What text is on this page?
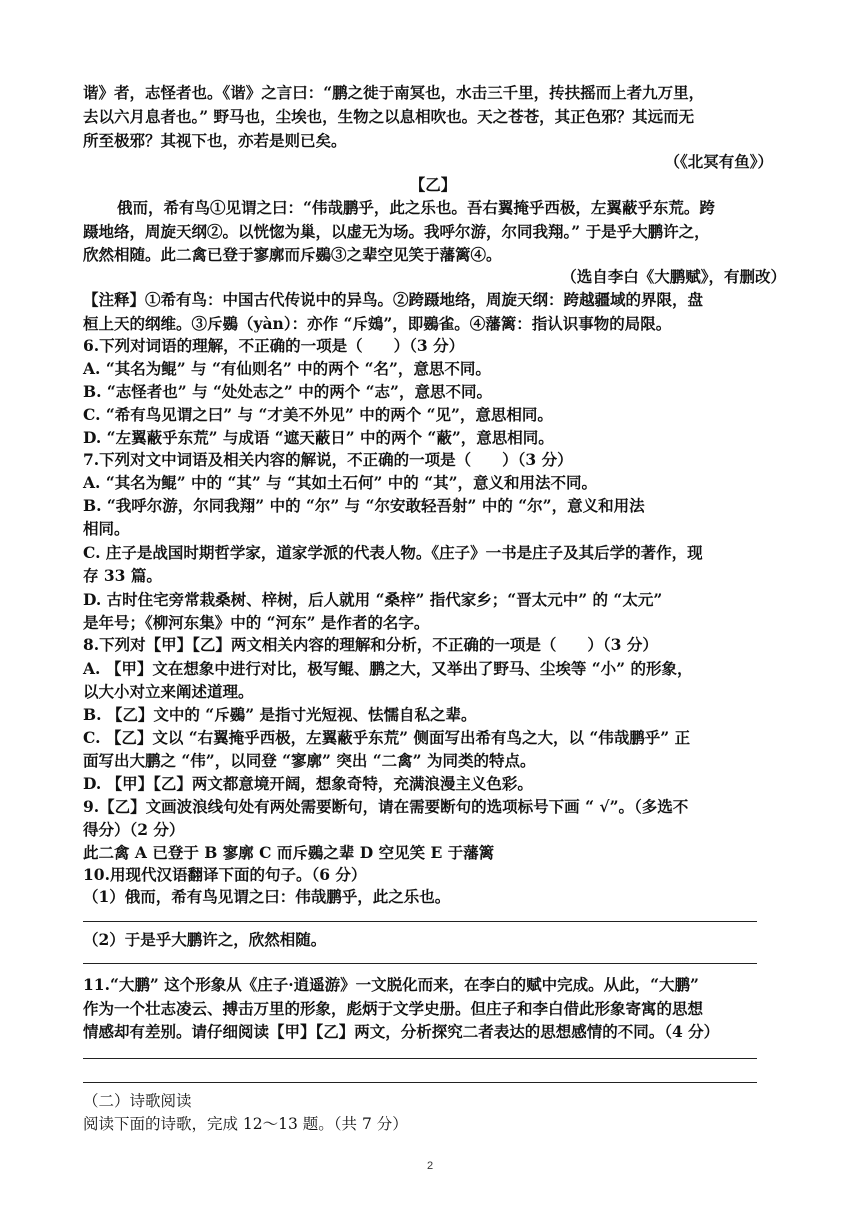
谐》者，志怪者也。《谐》之言曰：“鹏之徙于南冥也，水击三千里，抟扶摇而上者九万里，
去以六月息者也。” 野马也，尘埃也，生物之以息相吹也。天之苍苍，其正色邪？其远而无
所至极邪？其视下也，亦若是则已矣。
（《北冥有鱼》）
【乙】
俄而，希有鸟①见谓之曰：“伟哉鹏乎，此之乐也。吾右翼掩乎西极，左翼蔽乎东荒。跨
蹑地络，周旋天纲②。以恍惚为巢，以虚无为场。我呼尔游，尔同我翔。” 于是乎大鹏许之，
欣然相随。此二禽已登于寥廓而斥鷃③之辈空见笑于藩篱④。
（选自李白《大鹏赋》，有删改）
【注释】①希有鸟：中国古代传说中的异鸟。②跨蹑地络，周旋天纲：跨越疆域的界限，盘
桓上天的纲维。③斥鷃（yàn）：亦作 “斥鴳”，即鷃雀。④藩篱：指认识事物的局限。
6.下列对词语的理解，不正确的一项是（　　）（3 分）
A. “其名为鲲” 与 “有仙则名” 中的两个 “名”，意思不同。
B. “志怪者也” 与 “处处志之” 中的两个 “志”，意思不同。
C. “希有鸟见谓之曰” 与 “才美不外见” 中的两个 “见”，意思相同。
D. “左翼蔽乎东荒” 与成语 “遮天蔽日” 中的两个 “蔽”，意思相同。
7.下列对文中词语及相关内容的解说，不正确的一项是（　　）（3 分）
A. “其名为鲲” 中的 “其” 与 “其如土石何” 中的 “其”，意义和用法不同。
B. “我呼尔游，尔同我翔” 中的 “尔” 与 “尔安敢轻吾射” 中的 “尔”，意义和用法
相同。
C. 庄子是战国时期哲学家，道家学派的代表人物。《庄子》一书是庄子及其后学的著作，现
存 33 篇。
D. 古时住宅旁常栽桑树、梓树，后人就用 “桑梓” 指代家乡；“晋太元中” 的 “太元”
是年号；《柳河东集》中的 “河东” 是作者的名字。
8.下列对【甲】【乙】两文相关内容的理解和分析，不正确的一项是（　　）（3 分）
A. 【甲】文在想象中进行对比，极写鲲、鹏之大，又举出了野马、尘埃等 “小” 的形象，
以大小对立来阐述道理。
B. 【乙】文中的 “斥鷃” 是指寸光短视、怯懦自私之辈。
C. 【乙】文以 “右翼掩乎西极，左翼蔽乎东荒” 侧面写出希有鸟之大，以 “伟哉鹏乎” 正
面写出大鹏之 “伟”，以同登 “寥廓” 突出 “二禽” 为同类的特点。
D. 【甲】【乙】两文都意境开阔，想象奇特，充满浪漫主义色彩。
9.【乙】文画波浪线句处有两处需要断句，请在需要断句的选项标号下画 “ √”。（多选不
得分）（2 分）
此二禽 A 已登于 B 寥廓 C 而斥鷃之辈 D 空见笑 E 于藩篱
10.用现代汉语翻译下面的句子。（6 分）
（1）俄而，希有鸟见谓之曰：伟哉鹏乎，此之乐也。
（2）于是乎大鹏许之，欣然相随。
11.“大鹏” 这个形象从《庄子·逍遥游》一文脱化而来，在李白的赋中完成。从此，“大鹏”
作为一个壮志凌云、搏击万里的形象，彪炳于文学史册。但庄子和李白借此形象寄寓的思想
情感却有差别。请仔细阅读【甲】【乙】两文，分析探究二者表达的思想感情的不同。（4 分）
（二）诗歌阅读
阅读下面的诗歌，完成 12～13 题。（共 7 分）
2
